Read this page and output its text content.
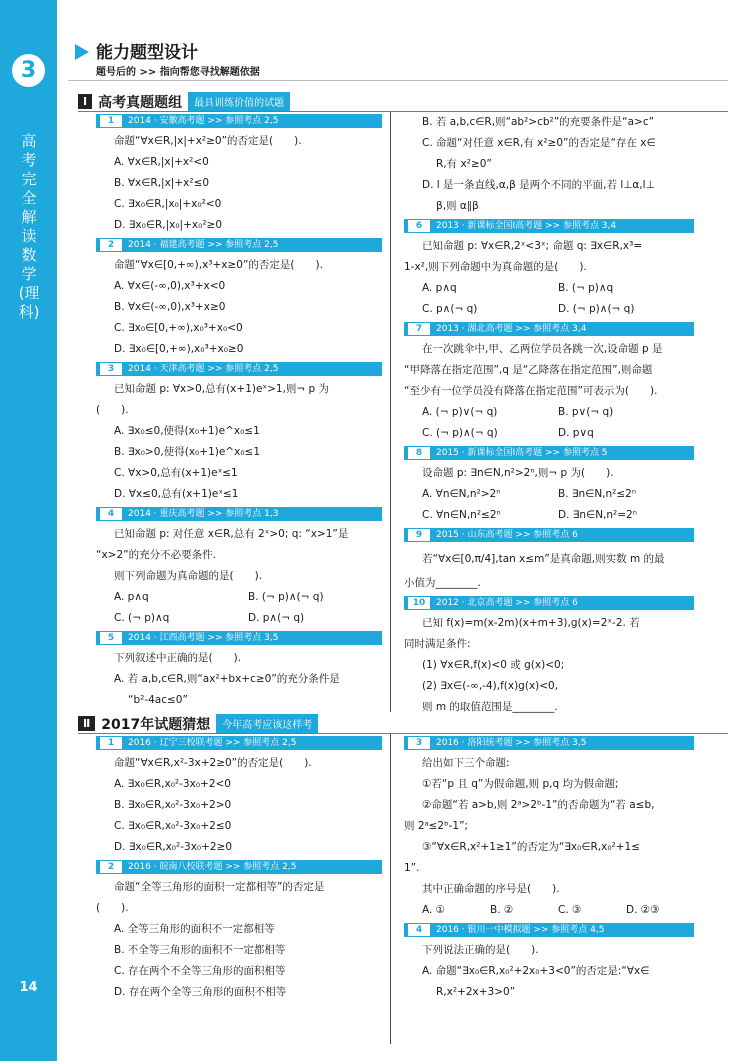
3
高考完全解读 数学(理科)
14
能力题型设计
题号后的 >> 指向帮您寻找解题依据
Ⅰ 高考真题题组	最具训练价值的试题
1 2014 · 安徽高考题 >> 参照考点 2,5
命题“∀x∈R,|x|+x²≥0”的否定是(　　).
A. ∀x∈R,|x|+x²<0
B. ∀x∈R,|x|+x²≤0
C. ∃x₀∈R,|x₀|+x₀²<0
D. ∃x₀∈R,|x₀|+x₀²≥0
2 2014 · 福建高考题 >> 参照考点 2,5
命题“∀x∈[0,+∞),x³+x≥0”的否定是(　　).
A. ∀x∈(-∞,0),x³+x<0
B. ∀x∈(-∞,0),x³+x≥0
C. ∃x₀∈[0,+∞),x₀³+x₀<0
D. ∃x₀∈[0,+∞),x₀³+x₀≥0
3 2014 · 天津高考题 >> 参照考点 2,5
已知命题 p: ∀x>0,总有(x+1)eˣ>1,则¬ p 为
(　　).
A. ∃x₀≤0,使得(x₀+1)e^x₀≤1
B. ∃x₀>0,使得(x₀+1)e^x₀≤1
C. ∀x>0,总有(x+1)eˣ≤1
D. ∀x≤0,总有(x+1)eˣ≤1
4 2014 · 重庆高考题 >> 参照考点 1,3
已知命题 p: 对任意 x∈R,总有 2ˣ>0; q: “x>1”是
“x>2”的充分不必要条件.
则下列命题为真命题的是(　　).
A. p∧q	B. (¬ p)∧(¬ q)
C. (¬ p)∧q	D. p∧(¬ q)
5 2014 · 江西高考题 >> 参照考点 3,5
下列叙述中正确的是(　　).
A. 若 a,b,c∈R,则“ax²+bx+c≥0”的充分条件是
“b²-4ac≤0”
B. 若 a,b,c∈R,则“ab²>cb²”的充要条件是“a>c”
C. 命题“对任意 x∈R,有 x²≥0”的否定是“存在 x∈
R,有 x²≥0”
D. l 是一条直线,α,β 是两个不同的平面,若 l⊥α,l⊥
β,则 α∥β
6 2013 · 新课标全国Ⅰ高考题 >> 参照考点 3,4
已知命题 p: ∀x∈R,2ˣ<3ˣ; 命题 q: ∃x∈R,x³=
1-x²,则下列命题中为真命题的是(　　).
A. p∧q	B. (¬ p)∧q
C. p∧(¬ q)	D. (¬ p)∧(¬ q)
7 2013 · 湖北高考题 >> 参照考点 3,4
在一次跳伞中,甲、乙两位学员各跳一次,设命题 p 是
“甲降落在指定范围”,q 是“乙降落在指定范围”,则命题
“至少有一位学员没有降落在指定范围”可表示为(　　).
A. (¬ p)∨(¬ q)	B. p∨(¬ q)
C. (¬ p)∧(¬ q)	D. p∨q
8 2015 · 新课标全国Ⅰ高考题 >> 参照考点 5
设命题 p: ∃n∈N,n²>2ⁿ,则¬ p 为(　　).
A. ∀n∈N,n²>2ⁿ	B. ∃n∈N,n²≤2ⁿ
C. ∀n∈N,n²≤2ⁿ	D. ∃n∈N,n²=2ⁿ
9 2015 · 山东高考题 >> 参照考点 6
若“∀x∈[0,π/4],tan x≤m”是真命题,则实数 m 的最
小值为________.
10 2012 · 北京高考题 >> 参照考点 6
已知 f(x)=m(x-2m)(x+m+3),g(x)=2ˣ-2. 若
同时满足条件:
(1) ∀x∈R,f(x)<0 或 g(x)<0;
(2) ∃x∈(-∞,-4),f(x)g(x)<0,
则 m 的取值范围是________.
Ⅱ 2017年试题猜想	今年高考应该这样考
1 2016 · 辽宁三校联考题 >> 参照考点 2,5
命题“∀x∈R,x²-3x+2≥0”的否定是(　　).
A. ∃x₀∈R,x₀²-3x₀+2<0
B. ∃x₀∈R,x₀²-3x₀+2>0
C. ∃x₀∈R,x₀²-3x₀+2≤0
D. ∃x₀∈R,x₀²-3x₀+2≥0
2 2016 · 皖南八校联考题 >> 参照考点 2,5
命题“全等三角形的面积一定都相等”的否定是
(　　).
A. 全等三角形的面积不一定都相等
B. 不全等三角形的面积不一定都相等
C. 存在两个不全等三角形的面积相等
D. 存在两个全等三角形的面积不相等
3 2016 · 洛阳统考题 >> 参照考点 3,5
给出如下三个命题:
①若“p 且 q”为假命题,则 p,q 均为假命题;
②命题“若 a>b,则 2ᵃ>2ᵇ-1”的否命题为“若 a≤b,
则 2ᵃ≤2ᵇ-1”;
③“∀x∈R,x²+1≥1”的否定为“∃x₀∈R,x₀²+1≤
1”.
其中正确命题的序号是(　　).
A. ①	B. ②	C. ③	D. ②③
4 2016 · 银川一中模拟题 >> 参照考点 4,5
下列说法正确的是(　　).
A. 命题“∃x₀∈R,x₀²+2x₀+3<0”的否定是:“∀x∈
R,x²+2x+3>0”
